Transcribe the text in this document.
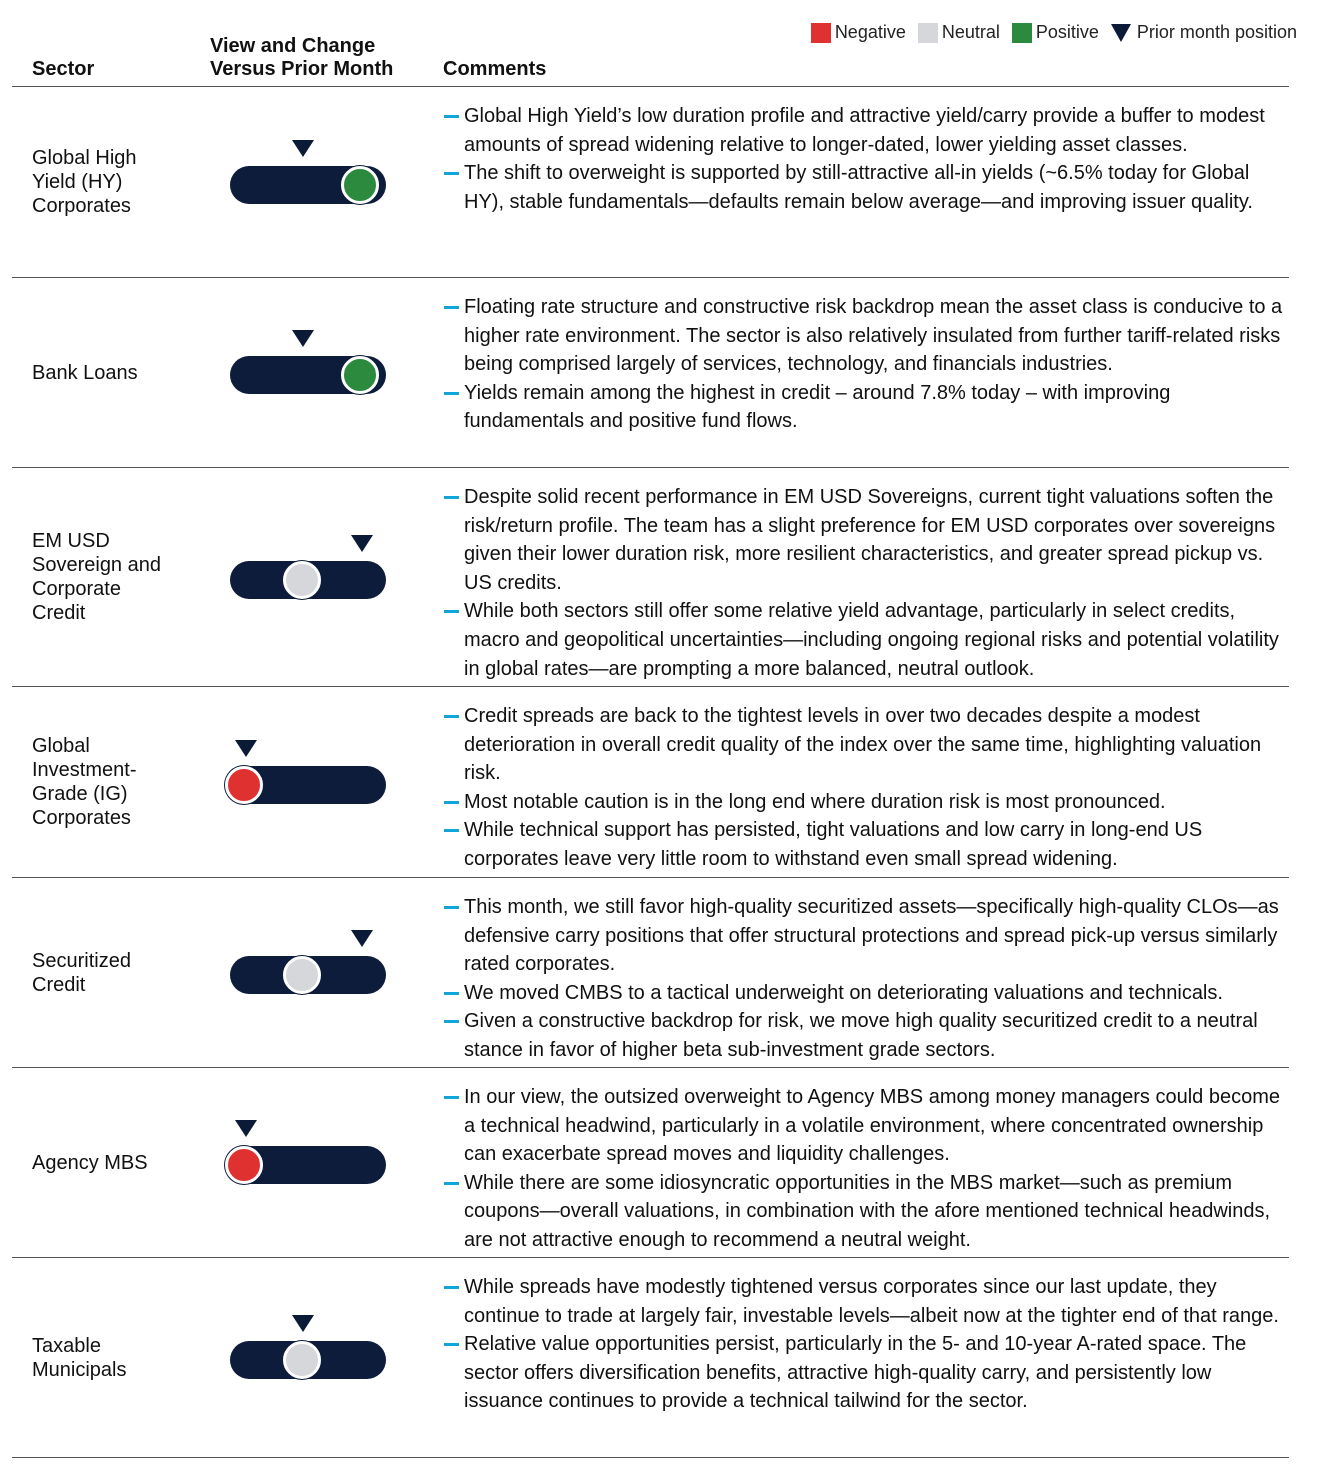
Negative Neutral Positive Prior month position
Sector
View and Change
Versus Prior Month Comments
Global High
Yield (HY)
Corporates
Global High Yield’s low duration profile and attractive yield/carry provide a buffer to modest amounts of spread widening relative to longer-dated, lower yielding asset classes.
The shift to overweight is supported by still-attractive all-in yields (~6.5% today for Global HY), stable fundamentals—defaults remain below average—and improving issuer quality.
Bank Loans
Floating rate structure and constructive risk backdrop mean the asset class is conducive to a higher rate environment. The sector is also relatively insulated from further tariff-related risks being comprised largely of services, technology, and financials industries.
Yields remain among the highest in credit – around 7.8% today – with improving fundamentals and positive fund flows.
EM USD
Sovereign and
Corporate
Credit
Despite solid recent performance in EM USD Sovereigns, current tight valuations soften the risk/return profile. The team has a slight preference for EM USD corporates over sovereigns given their lower duration risk, more resilient characteristics, and greater spread pickup vs. US credits.
While both sectors still offer some relative yield advantage, particularly in select credits, macro and geopolitical uncertainties—including ongoing regional risks and potential volatility in global rates—are prompting a more balanced, neutral outlook.
Global
Investment-
Grade (IG)
Corporates
Credit spreads are back to the tightest levels in over two decades despite a modest deterioration in overall credit quality of the index over the same time, highlighting valuation risk.
Most notable caution is in the long end where duration risk is most pronounced.
While technical support has persisted, tight valuations and low carry in long-end US corporates leave very little room to withstand even small spread widening.
Securitized
Credit
This month, we still favor high-quality securitized assets—specifically high-quality CLOs—as defensive carry positions that offer structural protections and spread pick-up versus similarly rated corporates.
We moved CMBS to a tactical underweight on deteriorating valuations and technicals.
Given a constructive backdrop for risk, we move high quality securitized credit to a neutral stance in favor of higher beta sub-investment grade sectors.
Agency MBS
In our view, the outsized overweight to Agency MBS among money managers could become a technical headwind, particularly in a volatile environment, where concentrated ownership can exacerbate spread moves and liquidity challenges.
While there are some idiosyncratic opportunities in the MBS market—such as premium coupons—overall valuations, in combination with the afore mentioned technical headwinds, are not attractive enough to recommend a neutral weight.
Taxable
Municipals
While spreads have modestly tightened versus corporates since our last update, they continue to trade at largely fair, investable levels—albeit now at the tighter end of that range.
Relative value opportunities persist, particularly in the 5- and 10-year A-rated space. The sector offers diversification benefits, attractive high-quality carry, and persistently low issuance continues to provide a technical tailwind for the sector.
